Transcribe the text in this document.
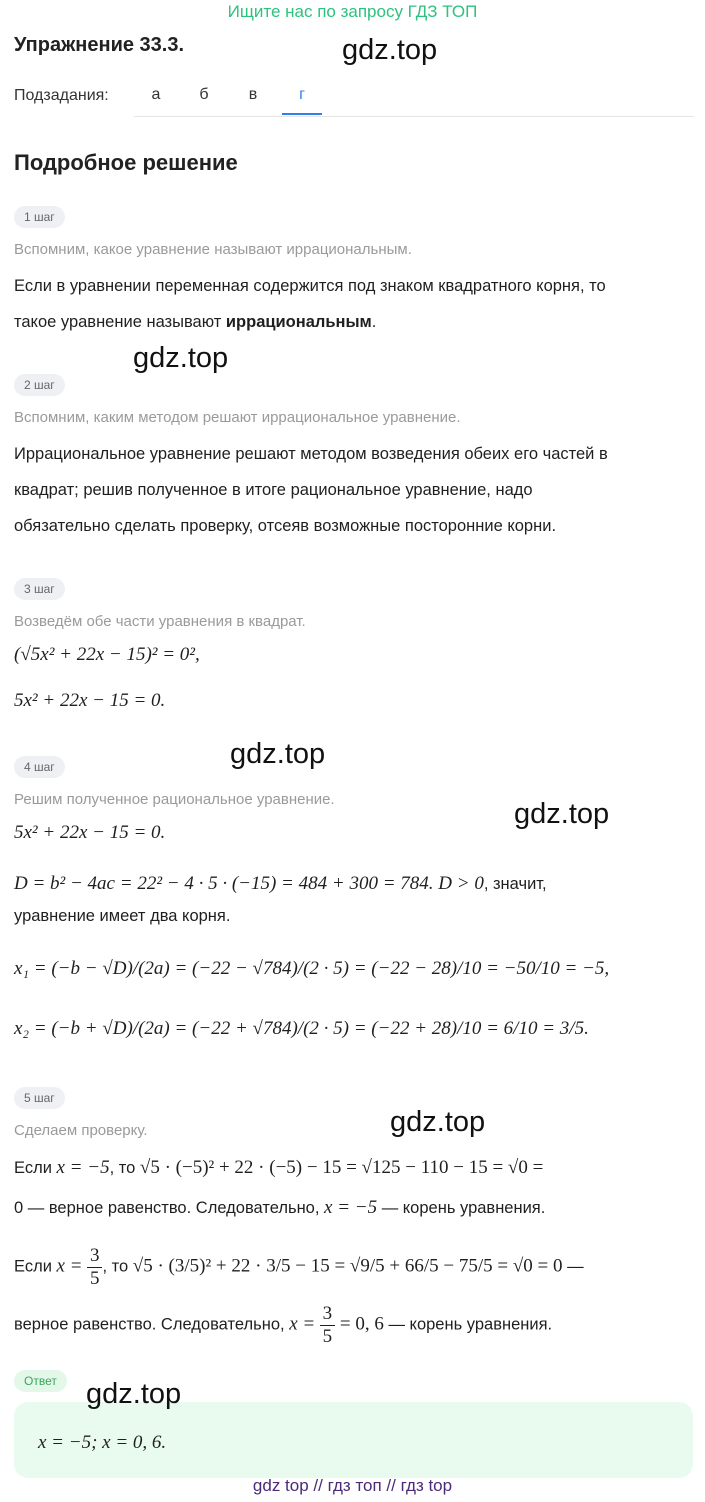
Ищите нас по запросу ГДЗ ТОП
Упражнение 33.3.	gdz.top
Подзадания:	а	б	в	г
Подробное решение
1 шаг
Вспомним, какое уравнение называют иррациональным.
Если в уравнении переменная содержится под знаком квадратного корня, то
такое уравнение называют иррациональным.
gdz.top
2 шаг
Вспомним, каким методом решают иррациональное уравнение.
Иррациональное уравнение решают методом возведения обеих его частей в
квадрат; решив полученное в итоге рациональное уравнение, надо
обязательно сделать проверку, отсеяв возможные посторонние корни.
3 шаг
Возведём обе части уравнения в квадрат.
(√5x² + 22x − 15)² = 0²,
5x² + 22x − 15 = 0.
gdz.top
4 шаг
Решим полученное рациональное уравнение.	gdz.top
5x² + 22x − 15 = 0.
D = b² − 4ac = 22² − 4 · 5 · (−15) = 484 + 300 = 784. D > 0, значит,
уравнение имеет два корня.
x₁ = (−b − √D)/(2a) = (−22 − √784)/(2 · 5) = (−22 − 28)/10 = −50/10 = −5,
x₂ = (−b + √D)/(2a) = (−22 + √784)/(2 · 5) = (−22 + 28)/10 = 6/10 = 3/5.
5 шаг
gdz.top
Сделаем проверку.
Если x = −5, то √5 · (−5)² + 22 · (−5) − 15 = √125 − 110 − 15 = √0 =
0 — верное равенство. Следовательно, x = −5 — корень уравнения.
Если $x = \frac{3}{5}$ , то √5 · (3/5)² + 22 · 3/5 − 15 = √9/5 + 66/5 − 75/5 = √0 = 0 —
верное равенство. Следовательно, $x = \frac{3}{5} = 0$, 6 — корень уравнения.
Ответ	gdz.top
x = −5; x = 0, 6.
gdz top // гдз топ // гдз top
